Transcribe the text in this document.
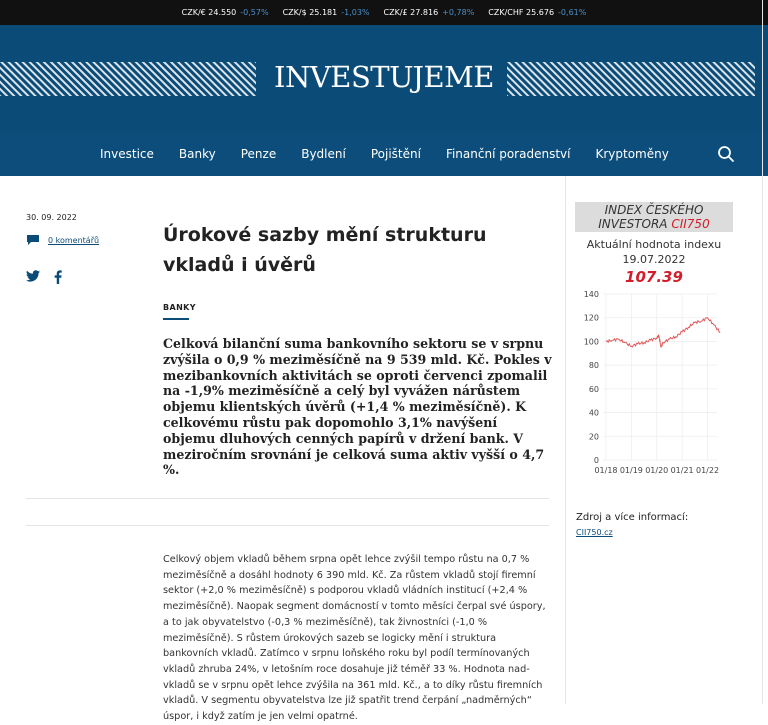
CZK/€ 24.550 -0,57% CZK/$ 25.181 -1,03% CZK/£ 27.816 +0,78% CZK/CHF 25.676 -0,61%
INVESTUJEME
Investice Banky Penze Bydlení Pojištění Finanční poradenství Kryptoměny
30. 09. 2022
0 komentářů	Úrokové sazby mění strukturu vkladů i úvěrů
BANKY

Celková bilanční suma bankovního sektoru se v srpnu zvýšila o 0,9 % meziměsíčně na 9 539 mld. Kč. Pokles v mezibankovních aktivitách se oproti červenci zpomalil na -1,9% meziměsíčně a celý byl vyvážen nárůstem objemu klientských úvěrů (+1,4 % meziměsíčně). K celkovému růstu pak dopomohlo 3,1% navýšení objemu dluhových cenných papírů v držení bank. V meziročním srovnání je celková suma aktiv vyšší o 4,7 %.

Celkový objem vkladů během srpna opět lehce zvýšil tempo růstu na 0,7 % meziměsíčně a dosáhl hodnoty 6 390 mld. Kč. Za růstem vkladů stojí firemní sektor (+2,0 % meziměsíčně) s podporou vkladů vládních institucí (+2,4 % meziměsíčně). Naopak segment domácností v tomto měsíci čerpal své úspory, a to jak obyvatelstvo (-0,3 % meziměsíčně), tak živnostníci (-1,0 % meziměsíčně). S růstem úrokových sazeb se logicky mění i struktura bankovních vkladů. Zatímco v srpnu loňského roku byl podíl termínovaných vkladů zhruba 24%, v letošním roce dosahuje již téměř 33 %. Hodnota nad-vkladů se v srpnu opět lehce zvýšila na 361 mld. Kč., a to díky růstu firemních vkladů. V segmentu obyvatelstva lze již spatřit trend čerpání „nadměrných“ úspor, i když zatím je jen velmi opatrné.

INDEX ČESKÉHO INVESTORA CII750
Aktuální hodnota indexu
19.07.2022
107.39
140
120
100
80
60
40
20
0
01/18 01/19 01/20 01/21 01/22
Zdroj a více informací:
CII750.cz
